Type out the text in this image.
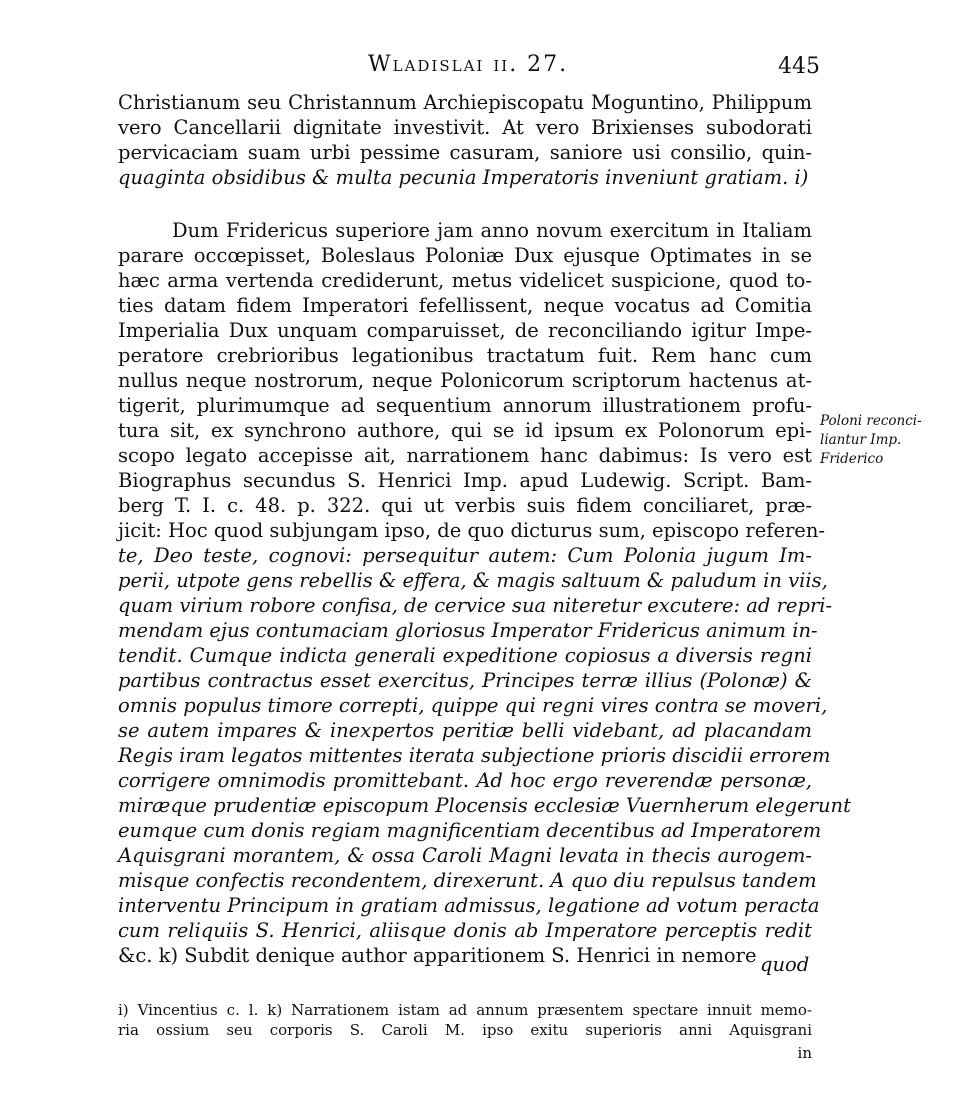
Wladislai ii. 27.	445
Christianum seu Christannum Archiepiscopatu Moguntino, Philippum
vero Cancellarii dignitate investivit. At vero Brixienses subodorati
pervicaciam suam urbi pessime casuram, saniore usi consilio, quin-
quaginta obsidibus & multa pecunia Imperatoris inveniunt gratiam. i)
Dum Fridericus superiore jam anno novum exercitum in Italiam
parare occœpisset, Boleslaus Poloniæ Dux ejusque Optimates in se
hæc arma vertenda crediderunt, metus videlicet suspicione, quod to-
ties datam fidem Imperatori fefellissent, neque vocatus ad Comitia
Imperialia Dux unquam comparuisset, de reconciliando igitur Impe-
peratore crebrioribus legationibus tractatum fuit. Rem hanc cum
nullus neque nostrorum, neque Polonicorum scriptorum hactenus at-
tigerit, plurimumque ad sequentium annorum illustrationem profu-
tura sit, ex synchrono authore, qui se id ipsum ex Polonorum epi-
scopo legato accepisse ait, narrationem hanc dabimus: Is vero est
Biographus secundus S. Henrici Imp. apud Ludewig. Script. Bam-
berg T. I. c. 48. p. 322. qui ut verbis suis fidem conciliaret, præ-
jicit: Hoc quod subjungam ipso, de quo dicturus sum, episcopo referen-
te, Deo teste, cognovi: persequitur autem: Cum Polonia jugum Im-
perii, utpote gens rebellis & effera, & magis saltuum & paludum in viis,
quam virium robore confisa, de cervice sua niteretur excutere: ad repri-
mendam ejus contumaciam gloriosus Imperator Fridericus animum in-
tendit. Cumque indicta generali expeditione copiosus a diversis regni
partibus contractus esset exercitus, Principes terræ illius (Polonæ) &
omnis populus timore correpti, quippe qui regni vires contra se moveri,
se autem impares & inexpertos peritiæ belli videbant, ad placandam
Regis iram legatos mittentes iterata subjectione prioris discidii errorem
corrigere omnimodis promittebant. Ad hoc ergo reverendæ personæ,
miræque prudentiæ episcopum Plocensis ecclesiæ Vuernherum elegerunt
eumque cum donis regiam magnificentiam decentibus ad Imperatorem
Aquisgrani morantem, & ossa Caroli Magni levata in thecis aurogem-
misque confectis recondentem, direxerunt. A quo diu repulsus tandem
interventu Principum in gratiam admissus, legatione ad votum peracta
cum reliquiis S. Henrici, aliisque donis ab Imperatore perceptis redit
&c. k) Subdit denique author apparitionem S. Henrici in nemore quod
Poloni reconci-
liantur Imp.
Friderico
i) Vincentius c. l. k) Narrationem istam ad annum præsentem spectare innuit memo-
ria ossium seu corporis S. Caroli M. ipso exitu superioris anni Aquisgrani
in
